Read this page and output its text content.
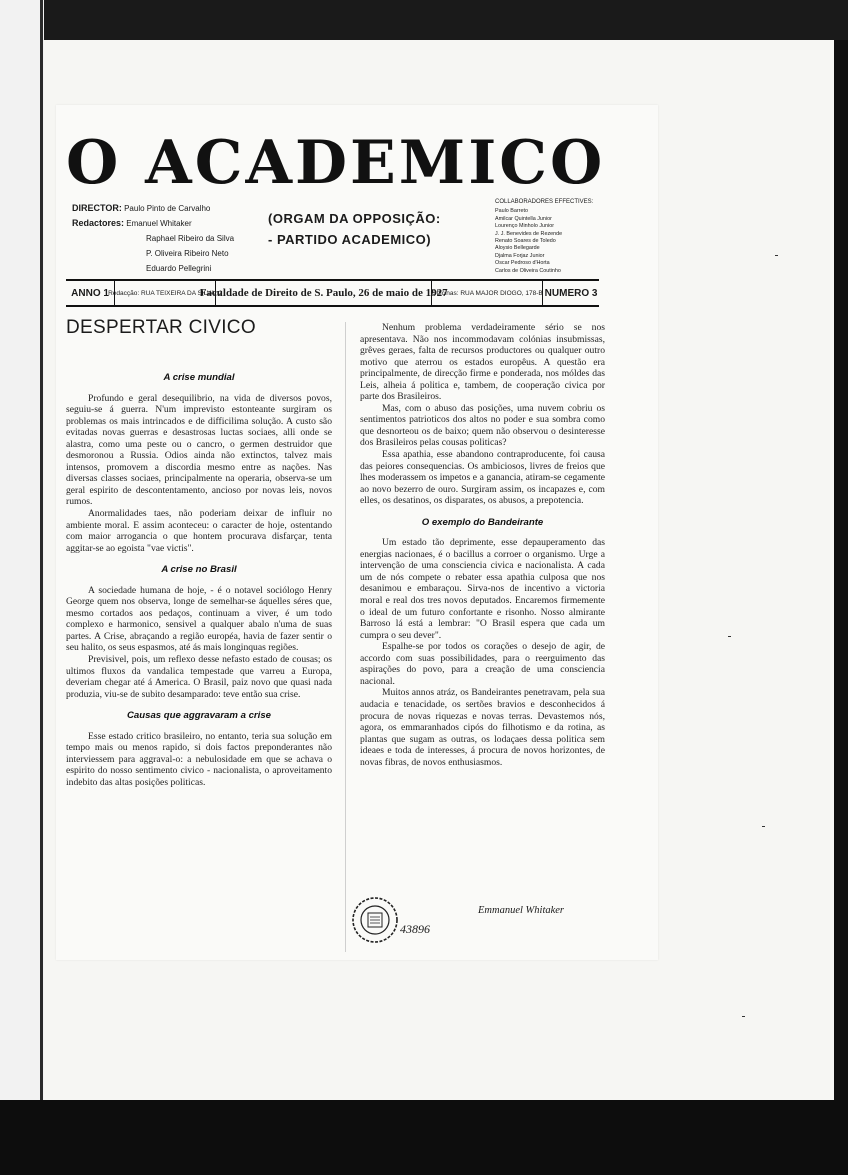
O ACADEMICO
DIRECTOR: Paulo Pinto de Carvalho
Redactores: Emanuel Whitaker
Raphael Ribeiro da Silva
P. Oliveira Ribeiro Neto
Eduardo Pellegrini
(ORGAM DA OPPOSIÇÃO:
- PARTIDO ACADEMICO)
COLLABORADORES EFFECTIVES:
Paulo Barreto
Amilcar Quintella Junior
Lourenço Minholo Junior
J. J. Benevides de Rezende
Renato Soares de Toledo
Aloysio Bellegarde
Djalma Forjaz Junior
Oscar Pedroso d'Horta
Carlos de Oliveira Coutinho
ANNO 1 Redacção: RUA TEIXEIRA DA SILVA, 2
Faculdade de Direito de S. Paulo, 26 de maio de 1927
Officinas: RUA MAJOR DIOGO, 178-B NUMERO 3
DESPERTAR CIVICO
A crise mundial

Profundo e geral desequilibrio, na vida de diversos povos, seguiu-se á guerra. N'um imprevisto estonteante surgiram os problemas os mais intrincados e de difficilima solução. A custo são evitadas novas guerras e desastrosas luctas sociaes, alli onde se alastra, como uma peste ou o cancro, o germen destruidor que desmoronou a Russia. Odios ainda não extinctos, talvez mais intensos, promovem a discordia mesmo entre as nações. Nas diversas classes sociaes, principalmente na operaria, observa-se um geral espirito de descontentamento, ancioso por novas leis, novos rumos.

Anormalidades taes, não poderiam deixar de influir no ambiente moral. E assim aconteceu: o caracter de hoje, ostentando com maior arrogancia o que hontem procurava disfarçar, tenta aggitar-se ao egoista "vae victis".

A crise no Brasil

A sociedade humana de hoje, - é o notavel sociólogo Henry George quem nos observa, longe de semelhar-se áquelles séres que, mesmo cortados aos pedaços, continuam a viver, é um todo complexo e harmonico, sensivel a qualquer abalo n'uma de suas partes. A Crise, abraçando a região européa, havia de fazer sentir o seu halito, os seus espasmos, até ás mais longinquas regiões.

Previsivel, pois, um reflexo desse nefasto estado de cousas; os ultimos fluxos da vandalica tempestade que varreu a Europa, deveriam chegar até á America. O Brasil, paiz novo que quasi nada produzia, viu-se de subito desamparado: teve então sua crise.

Causas que aggravaram a crise

Esse estado critico brasileiro, no entanto, teria sua solução em tempo mais ou menos rapido, si dois factos preponderantes não interviessem para aggraval-o: a nebulosidade em que se achava o espirito do nosso sentimento civico - nacionalista, o aproveitamento indebito das altas posições politicas.

Nenhum problema verdadeiramente sério se nos apresentava. Não nos incommodavam colónias insubmissas, grêves geraes, falta de recursos productores ou qualquer outro motivo que aterrou os estados europêus. A questão era principalmente, de direcção firme e ponderada, nos móldes das Leis, alheia á politica e, tambem, de cooperação civica por parte dos Brasileiros.

Mas, com o abuso das posições, uma nuvem cobriu os sentimentos patrioticos dos altos no poder e sua sombra como que desnorteou os de baixo; quem não observou o desinteresse dos Brasileiros pelas cousas politicas?

Essa apathia, esse abandono contraproducente, foi causa das peiores consequencias. Os ambiciosos, livres de freios que lhes moderassem os impetos e a ganancia, atiram-se cegamente ao novo bezerro de ouro. Surgiram assim, os incapazes e, com elles, os desatinos, os disparates, os abusos, a prepotencia.

O exemplo do Bandeirante

Um estado tão deprimente, esse depauperamento das energias nacionaes, é o bacillus a corroer o organismo. Urge a intervenção de uma consciencia civica e nacionalista. A cada um de nós compete o rebater essa apathia culposa que nos desanimou e embaraçou. Sirva-nos de incentivo a victoria moral e real dos tres novos deputados. Encaremos firmemente o ideal de um futuro confortante e risonho. Nosso almirante Barroso lá está a lembrar: "O Brasil espera que cada um cumpra o seu dever".

Espalhe-se por todos os corações o desejo de agir, de accordo com suas possibilidades, para o reerguimento das aspirações do povo, para a creação de uma consciencia nacional.

Muitos annos atráz, os Bandeirantes penetravam, pela sua audacia e tenacidade, os sertões bravios e desconhecidos á procura de novas riquezas e novas terras. Devastemos nós, agora, os emmaranhados cipós do filhotismo e da rotina, as plantas que sugam as outras, os lodaçaes dessa politica sem ideaes e toda de interesses, á procura de novos horizontes, de novas fibras, de novos enthusiasmos.

43896
Emmanuel Whitaker
